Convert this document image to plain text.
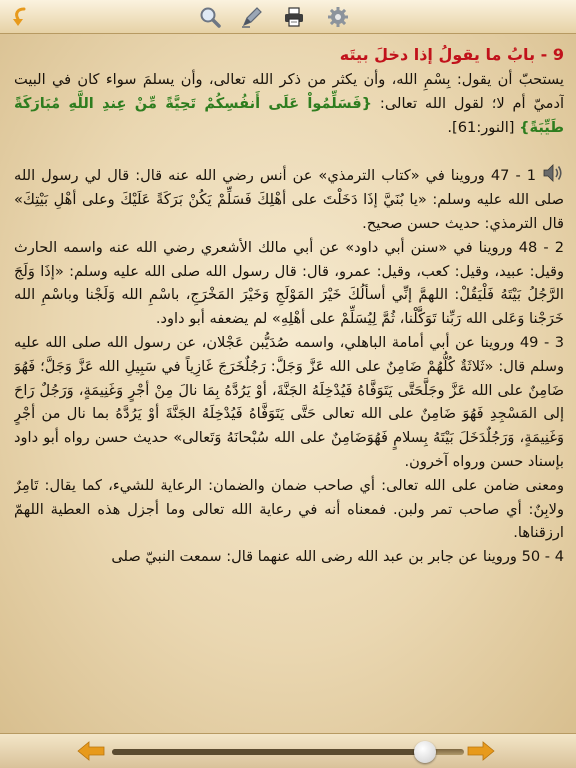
9 - بابُ ما يقولُ إذا دخلَ بيتَه

يستحبّ أن يقول: بِسْمِ الله، وأن يكثر من ذكر الله تعالى، وأن يسلمَ سواء كان في البيت آدميّ أم لا؛ لقول الله تعالى: {فَسَلِّمُواْ عَلَى أَنفُسِكُمْ تَحِيَّةً مِّنْ عِندِ اللَّهِ مُبَارَكَةً طَيِّبَةً} [النور:61].

1 - 47 وروينا في «كتاب الترمذي» عن أنس رضي الله عنه قال: قال لي رسول الله صلى الله عليه وسلم: «يا بُنَيَّ إذَا دَخَلْتَ على أهْلِكَ فَسَلِّمْ يَكُنْ بَرَكَةً عَلَيْكَ وعلى أهْلِ بَيْتِكَ» قال الترمذي: حديث حسن صحيح.

2 - 48 وروينا في «سنن أبي داود» عن أبي مالك الأشعري رضي الله عنه واسمه الحارث وقيل: عبيد، وقيل: كعب، وقيل: عمرو، قال: قال رسول الله صلى الله عليه وسلم: «إذَا وَلَجَ الرَّجُلُ بَيْتَهُ فَلْيَقُلْ: اللهمَّ إنِّي أسألُكَ خَيْرَ المَوْلَجِ وَخَيْرَ المَخْرَجِ، باسْمِ الله وَلَجْنا وباسْمِ الله خَرَجْنا وَعَلى الله رَبِّنا تَوَكَّلْنا، ثُمَّ لِيُسَلِّمْ على أهْلِهِ» لم يضعفه أبو داود.

3 - 49 وروينا عن أبي أمامة الباهلي، واسمه صُدَيُّبن عَجْلان، عن رسول الله صلى الله عليه وسلم قال: «ثَلاثَةٌ كُلُّهُمْ ضَامِنٌ على الله عَزَّ وَجَلَّ: رَجُلٌخَرَجَ غَازِياً في سَبِيلِ الله عَزَّ وَجَلَّ؛ فَهُوَ ضَامِنٌ على الله عَزَّ وجَلَّحَتَّى يَتَوَفَّاهُ فَيُدْخِلَهُ الجَنَّةَ، أوْ يَرُدَّهُ بِمَا نالَ مِنْ أجْرٍ وَغَنِيمَةٍ، وَرَجُلٌ رَاحَ إلى المَسْجِدِ فَهُوَ ضَامِنٌ على الله تعالى حَتَّى يَتَوَفَّاهُ فَيُدْخِلَهُ الجَنَّةَ أوْ يَرُدَّهُ بما نال من أجْرٍ وَغَنِيمَةٍ، وَرَجُلٌدَخَلَ بَيْتَهُ بِسلامٍ فَهُوَضَامِنٌ على الله سُبْحانَهُ وَتَعالى» حديث حسن رواه أبو داود بإسناد حسن ورواه آخرون.

ومعنى ضامن على الله تعالى: أي صاحب ضمان والضمان: الرعاية للشيء، كما يقال: تَامِرٌ ولابِنٌ: أي صاحب تمر ولبن. فمعناه أنه في رعاية الله تعالى وما أجزل هذه العطية اللهمّ ارزقناها.

4 - 50 وروينا عن جابر بن عبد الله رضى الله عنهما قال: سمعت النبيّ صلى
